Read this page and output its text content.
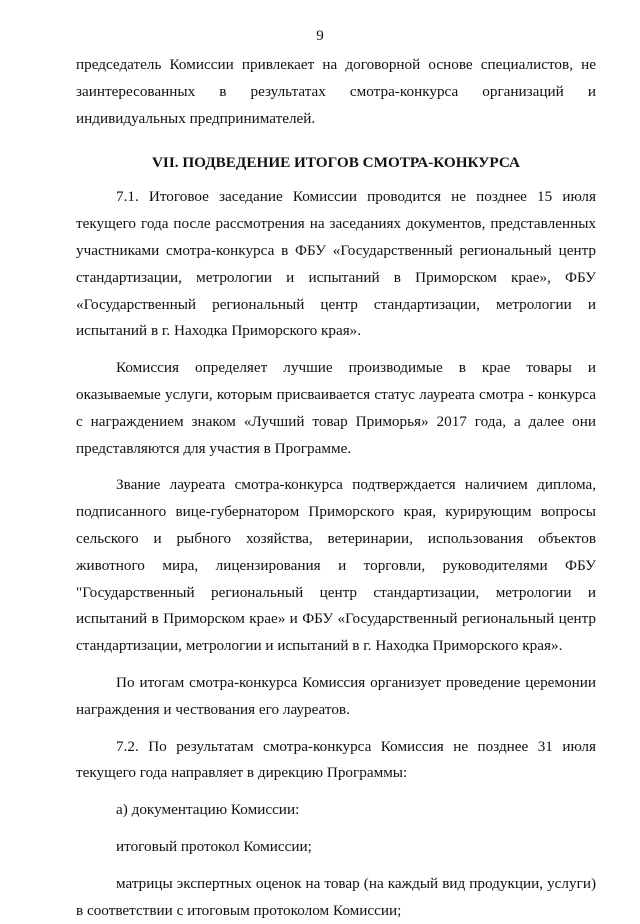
9

председатель Комиссии привлекает на договорной основе специалистов, не заинтересованных в результатах смотра-конкурса организаций и индивидуальных предпринимателей.

VII. ПОДВЕДЕНИЕ ИТОГОВ СМОТРА-КОНКУРСА

7.1. Итоговое заседание Комиссии проводится не позднее 15 июля текущего года после рассмотрения на заседаниях документов, представленных участниками смотра-конкурса в ФБУ «Государственный региональный центр стандартизации, метрологии и испытаний в Приморском крае», ФБУ «Государственный региональный центр стандартизации, метрологии и испытаний в г. Находка Приморского края».

Комиссия определяет лучшие производимые в крае товары и оказываемые услуги, которым присваивается статус лауреата смотра - конкурса с награждением знаком «Лучший товар Приморья» 2017 года, а далее они представляются для участия в Программе.

Звание лауреата смотра-конкурса подтверждается наличием диплома, подписанного вице-губернатором Приморского края, курирующим вопросы сельского и рыбного хозяйства, ветеринарии, использования объектов животного мира, лицензирования и торговли, руководителями ФБУ "Государственный региональный центр стандартизации, метрологии и испытаний в Приморском крае» и ФБУ «Государственный региональный центр стандартизации, метрологии и испытаний в г. Находка Приморского края».

По итогам смотра-конкурса Комиссия организует проведение церемонии награждения и чествования его лауреатов.

7.2. По результатам смотра-конкурса Комиссия не позднее 31 июля текущего года направляет в дирекцию Программы:

а) документацию Комиссии:

итоговый протокол Комиссии;

матрицы экспертных оценок на товар (на каждый вид продукции, услуги) в соответствии с итоговым протоколом Комиссии;
